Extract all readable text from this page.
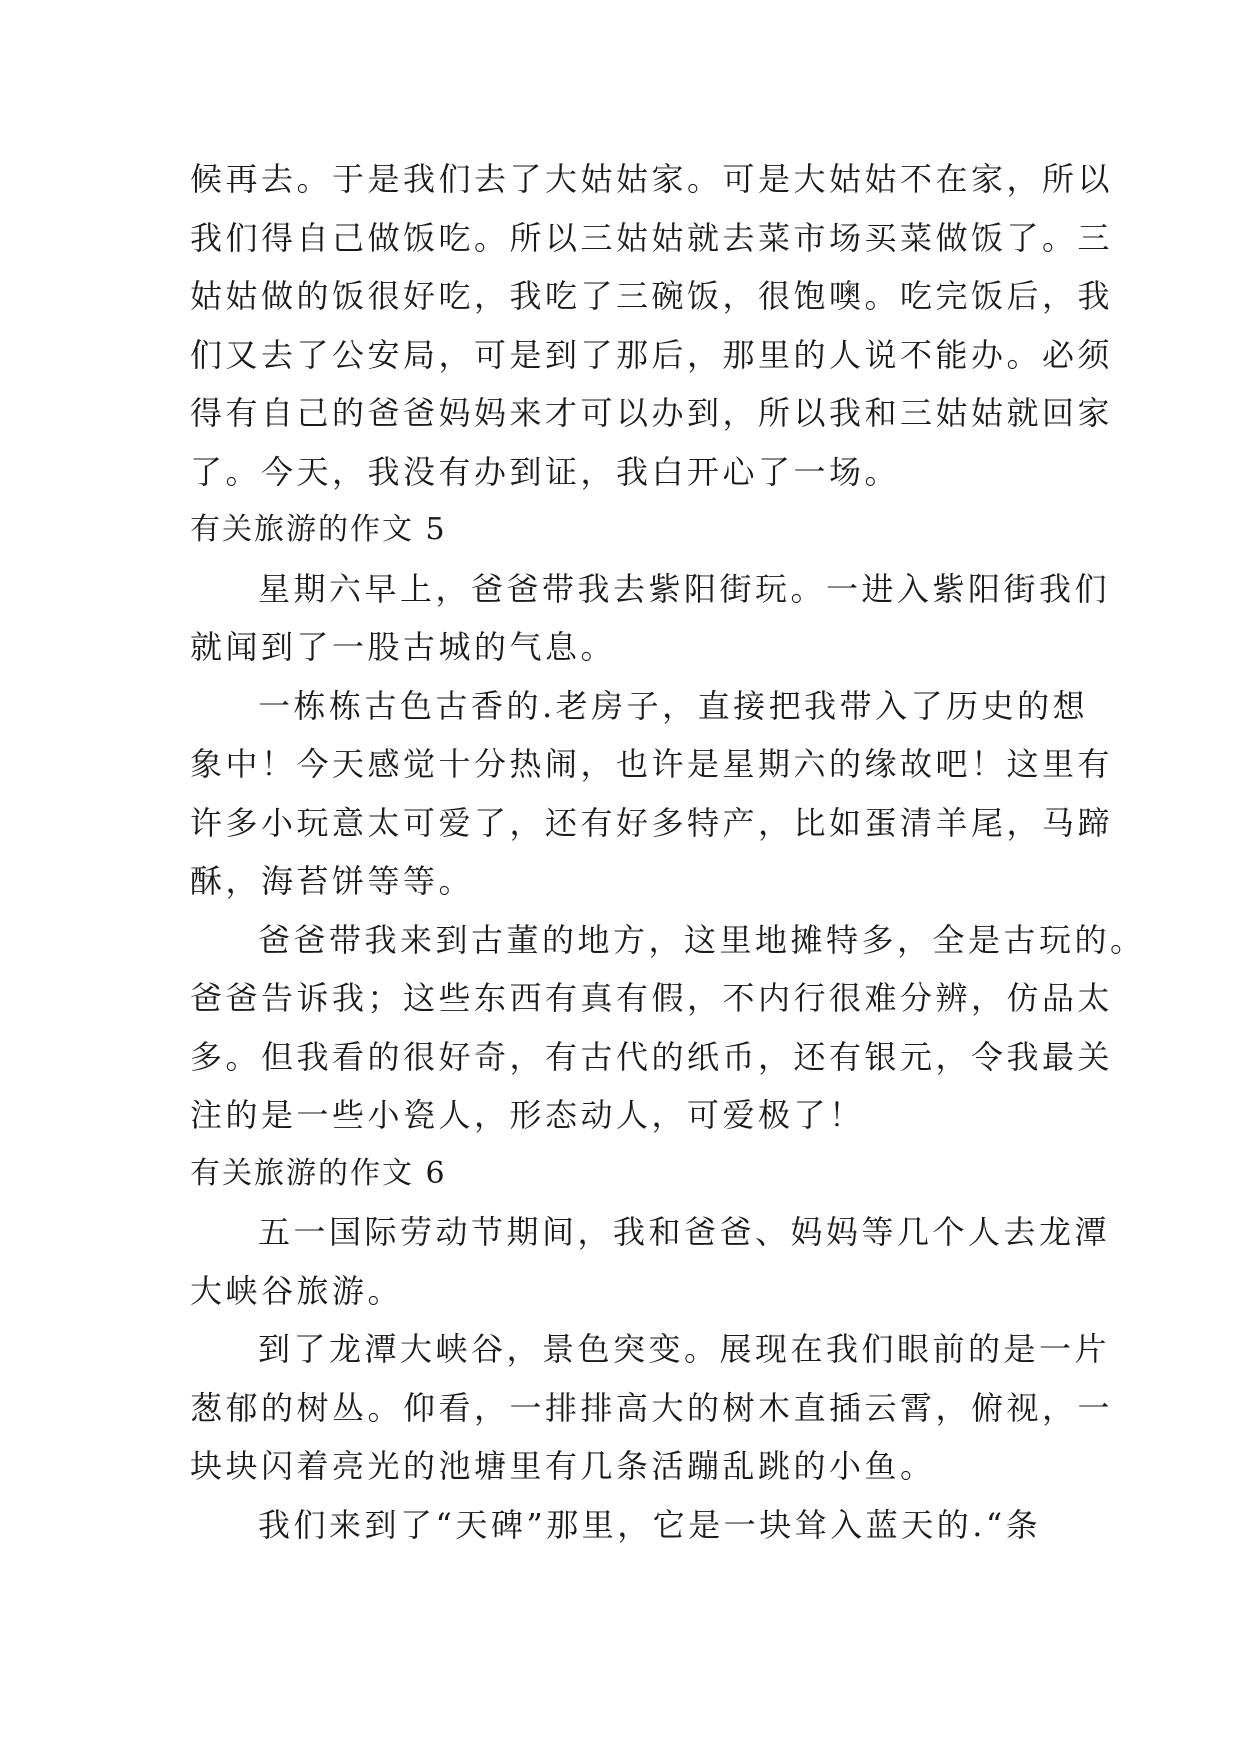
候再去。于是我们去了大姑姑家。可是大姑姑不在家，所以
我们得自己做饭吃。所以三姑姑就去菜市场买菜做饭了。三
姑姑做的饭很好吃，我吃了三碗饭，很饱噢。吃完饭后，我
们又去了公安局，可是到了那后，那里的人说不能办。必须
得有自己的爸爸妈妈来才可以办到，所以我和三姑姑就回家
了。今天，我没有办到证，我白开心了一场。
有关旅游的作文 5
星期六早上，爸爸带我去紫阳街玩。一进入紫阳街我们
就闻到了一股古城的气息。
一栋栋古色古香的.老房子，直接把我带入了历史的想
象中！今天感觉十分热闹，也许是星期六的缘故吧！这里有
许多小玩意太可爱了，还有好多特产，比如蛋清羊尾，马蹄
酥，海苔饼等等。
爸爸带我来到古董的地方，这里地摊特多，全是古玩的。
爸爸告诉我；这些东西有真有假，不内行很难分辨，仿品太
多。但我看的很好奇，有古代的纸币，还有银元，令我最关
注的是一些小瓷人，形态动人，可爱极了！
有关旅游的作文 6
五一国际劳动节期间，我和爸爸、妈妈等几个人去龙潭
大峡谷旅游。
到了龙潭大峡谷，景色突变。展现在我们眼前的是一片
葱郁的树丛。仰看，一排排高大的树木直插云霄，俯视，一
块块闪着亮光的池塘里有几条活蹦乱跳的小鱼。
我们来到了“天碑”那里，它是一块耸入蓝天的.“条
